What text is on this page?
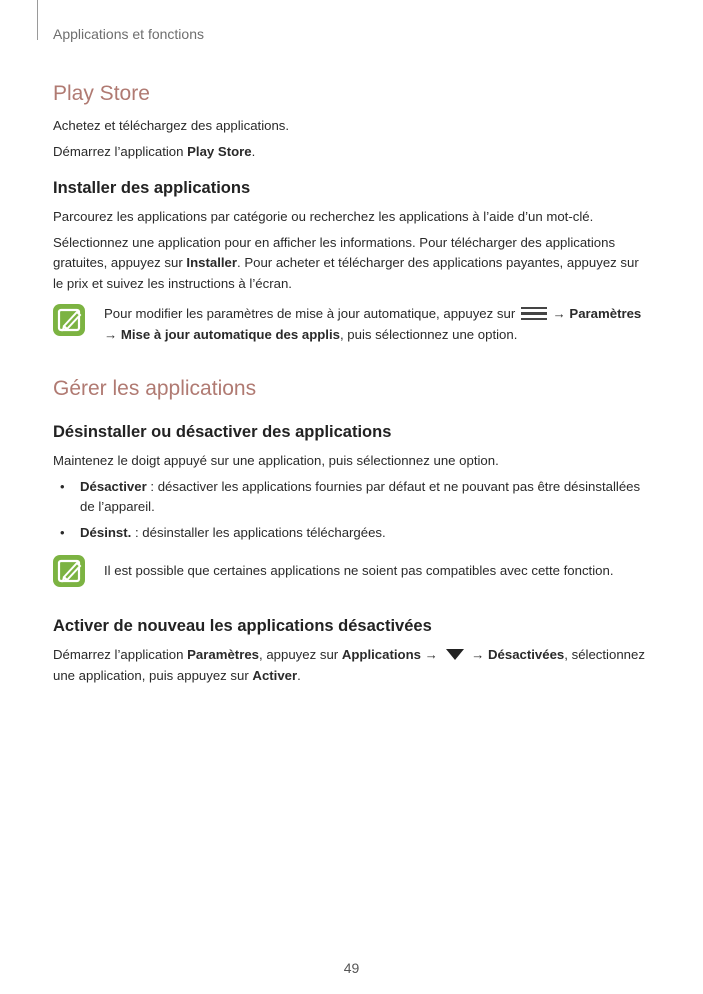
Applications et fonctions
Play Store

Achetez et téléchargez des applications.

Démarrez l’application Play Store.

Installer des applications

Parcourez les applications par catégorie ou recherchez les applications à l’aide d’un mot-clé.

Sélectionnez une application pour en afficher les informations. Pour télécharger des applications gratuites, appuyez sur Installer. Pour acheter et télécharger des applications payantes, appuyez sur le prix et suivez les instructions à l’écran.

Pour modifier les paramètres de mise à jour automatique, appuyez sur
→ Paramètres
→ Mise à jour automatique des applis, puis sélectionnez une option.

Gérer les applications
Désinstaller ou désactiver des applications

Maintenez le doigt appuyé sur une application, puis sélectionnez une option.

• Désactiver : désactiver les applications fournies par défaut et ne pouvant pas être désinstallées de l’appareil.
• Désinst. : désinstaller les applications téléchargées.

Il est possible que certaines applications ne soient pas compatibles avec cette fonction.

Activer de nouveau les applications désactivées

Démarrez l’application Paramètres, appuyez sur Applications →  → Désactivées, sélectionnez une application, puis appuyez sur Activer.

49
